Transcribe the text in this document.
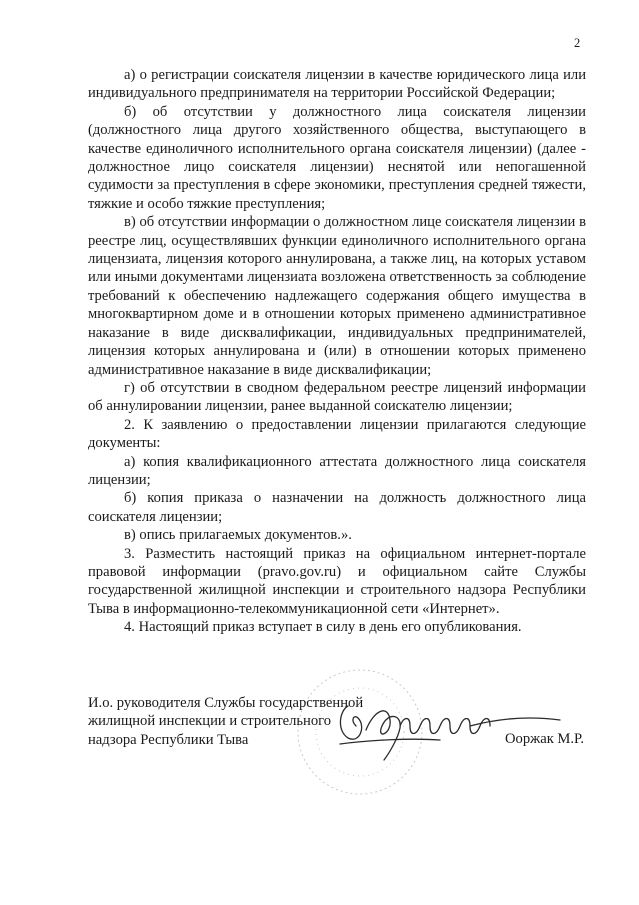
2

а) о регистрации соискателя лицензии в качестве юридического лица или индивидуального предпринимателя на территории Российской Федерации;

б) об отсутствии у должностного лица соискателя лицензии (должностного лица другого хозяйственного общества, выступающего в качестве единоличного исполнительного органа соискателя лицензии) (далее - должностное лицо соискателя лицензии) неснятой или непогашенной судимости за преступления в сфере экономики, преступления средней тяжести, тяжкие и особо тяжкие преступления;

в) об отсутствии информации о должностном лице соискателя лицензии в реестре лиц, осуществлявших функции единоличного исполнительного органа лицензиата, лицензия которого аннулирована, а также лиц, на которых уставом или иными документами лицензиата возложена ответственность за соблюдение требований к обеспечению надлежащего содержания общего имущества в многоквартирном доме и в отношении которых применено административное наказание в виде дисквалификации, индивидуальных предпринимателей, лицензия которых аннулирована и (или) в отношении которых применено административное наказание в виде дисквалификации;

г) об отсутствии в сводном федеральном реестре лицензий информации об аннулировании лицензии, ранее выданной соискателю лицензии;

2. К заявлению о предоставлении лицензии прилагаются следующие документы:

а) копия квалификационного аттестата должностного лица соискателя лицензии;

б) копия приказа о назначении на должность должностного лица соискателя лицензии;

в) опись прилагаемых документов.».

3. Разместить настоящий приказ на официальном интернет-портале правовой информации (pravo.gov.ru) и официальном сайте Службы государственной жилищной инспекции и строительного надзора Республики Тыва в информационно-телекоммуникационной сети «Интернет».

4. Настоящий приказ вступает в силу в день его опубликования.

И.о. руководителя Службы государственной
жилищной инспекции и строительного
надзора Республики Тыва	Ооржак М.Р.
